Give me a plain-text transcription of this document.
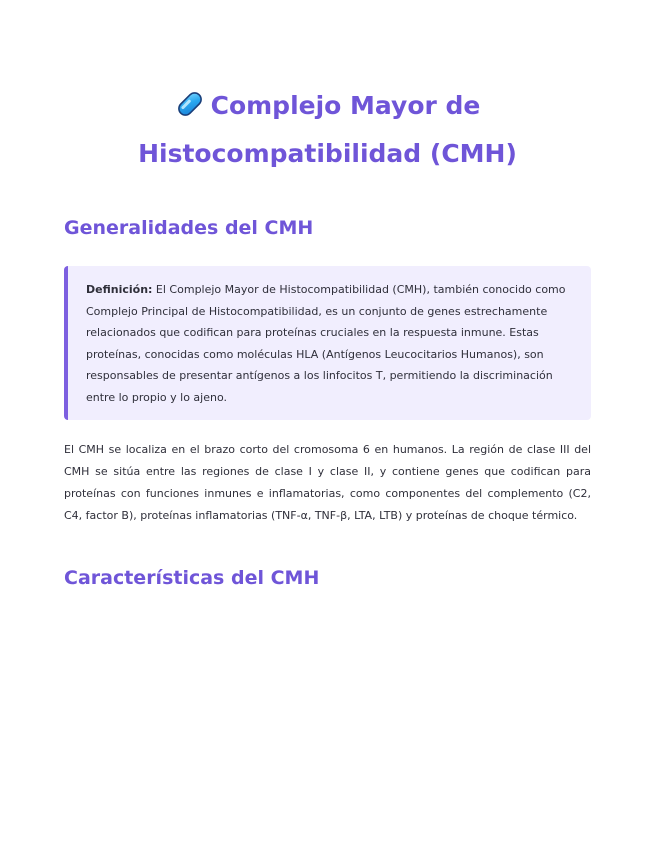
Complejo Mayor de
Histocompatibilidad (CMH)
Generalidades del CMH
Definición: El Complejo Mayor de Histocompatibilidad (CMH), también conocido como Complejo Principal de Histocompatibilidad, es un conjunto de genes estrechamente relacionados que codifican para proteínas cruciales en la respuesta inmune. Estas proteínas, conocidas como moléculas HLA (Antígenos Leucocitarios Humanos), son responsables de presentar antígenos a los linfocitos T, permitiendo la discriminación entre lo propio y lo ajeno.

El CMH se localiza en el brazo corto del cromosoma 6 en humanos. La región de clase III del CMH se sitúa entre las regiones de clase I y clase II, y contiene genes que codifican para proteínas con funciones inmunes e inflamatorias, como componentes del complemento (C2, C4, factor B), proteínas inflamatorias (TNF-α, TNF-β, LTA, LTB) y proteínas de choque térmico.

Características del CMH
